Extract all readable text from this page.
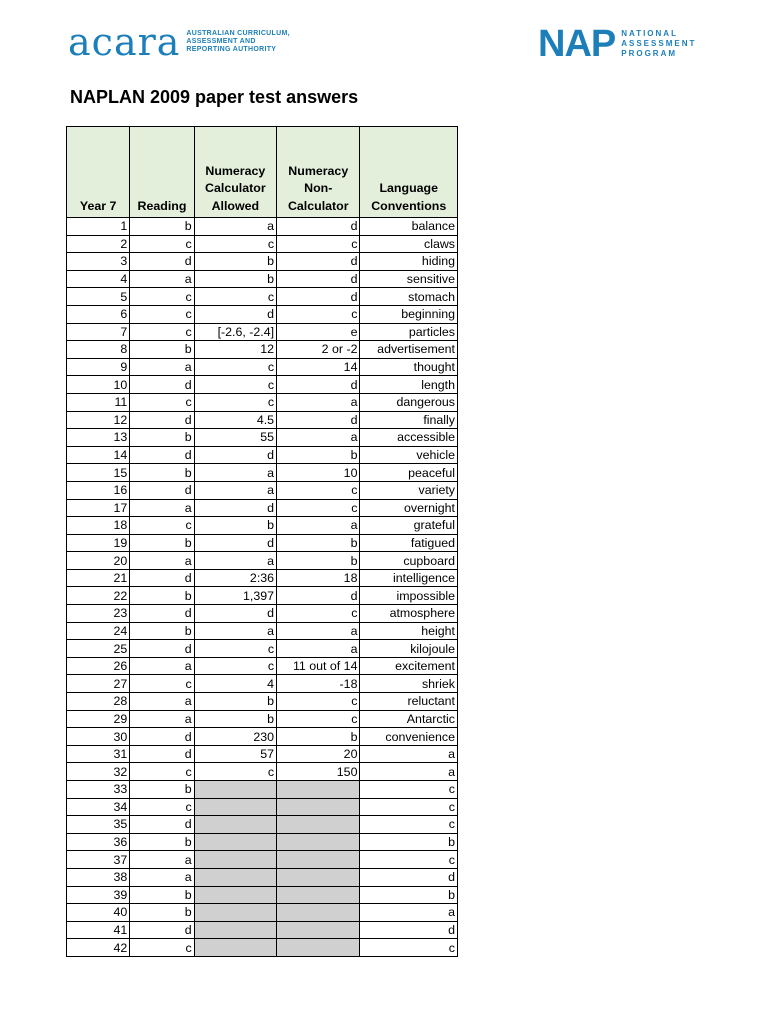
acara AUSTRALIAN CURRICULUM,
ASSESSMENT AND
REPORTING AUTHORITY	NAP NATIONAL
ASSESSMENT
PROGRAM
NAPLAN 2009 paper test answers
Year 7	Reading	Numeracy Calculator Allowed	Numeracy Non-Calculator	Language Conventions
1	b	a	d	balance
2	c	c	c	claws
3	d	b	d	hiding
4	a	b	d	sensitive
5	c	c	d	stomach
6	c	d	c	beginning
7	c	[-2.6, -2.4]	e	particles
8	b	12	2 or -2	advertisement
9	a	c	14	thought
10	d	c	d	length
11	c	c	a	dangerous
12	d	4.5	d	finally
13	b	55	a	accessible
14	d	d	b	vehicle
15	b	a	10	peaceful
16	d	a	c	variety
17	a	d	c	overnight
18	c	b	a	grateful
19	b	d	b	fatigued
20	a	a	b	cupboard
21	d	2:36	18	intelligence
22	b	1,397	d	impossible
23	d	d	c	atmosphere
24	b	a	a	height
25	d	c	a	kilojoule
26	a	c	11 out of 14	excitement
27	c	4	-18	shriek
28	a	b	c	reluctant
29	a	b	c	Antarctic
30	d	230	b	convenience
31	d	57	20	a
32	c	c	150	a
33	b			c
34	c			c
35	d			c
36	b			b
37	a			c
38	a			d
39	b			b
40	b			a
41	d			d
42	c			c
